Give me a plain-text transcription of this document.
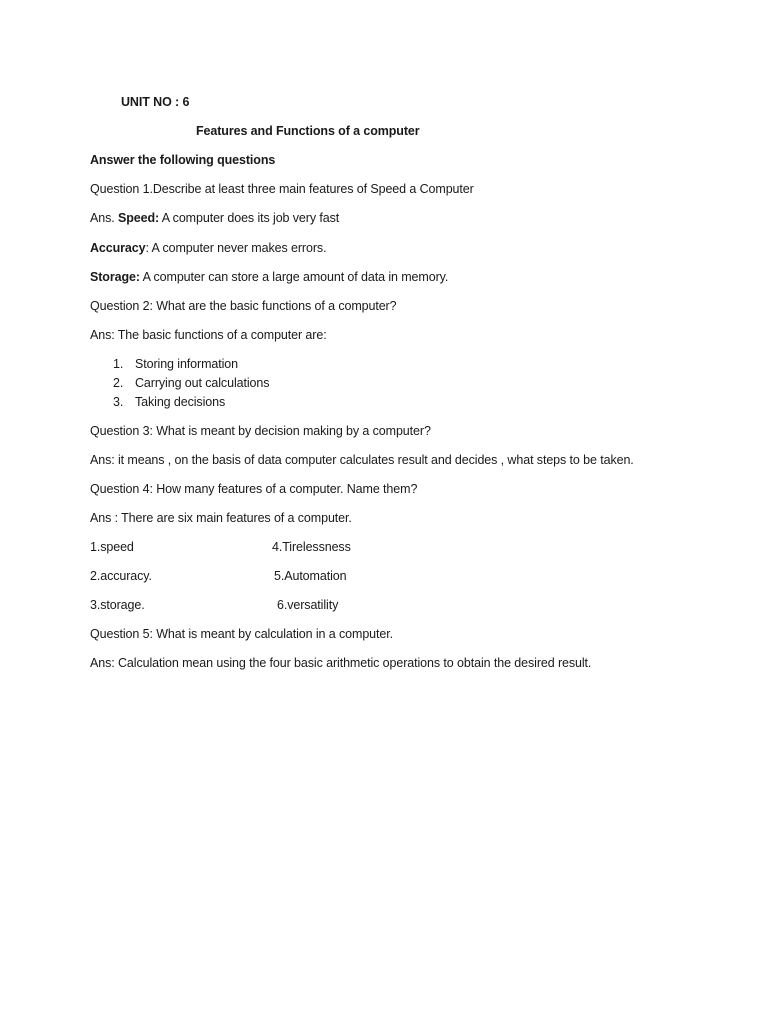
UNIT NO : 6
Features and Functions of a computer
Answer the following questions
Question 1.Describe at least three main features of Speed a Computer
Ans. Speed: A computer does its job very fast
Accuracy: A computer never makes errors.
Storage: A computer can store a large amount of data in memory.
Question 2: What are the basic functions of a computer?
Ans: The basic functions of a computer are:
1. Storing information
2. Carrying out calculations
3. Taking decisions
Question 3: What is meant by decision making by a computer?
Ans: it means , on the basis of data computer calculates result and decides , what steps to be taken.
Question 4: How many features of a computer. Name them?
Ans : There are six main features of a computer.
1.speed	4.Tirelessness
2.accuracy.	5.Automation
3.storage.	6.versatility
Question 5: What is meant by calculation in a computer.
Ans: Calculation mean using the four basic arithmetic operations to obtain the desired result.
